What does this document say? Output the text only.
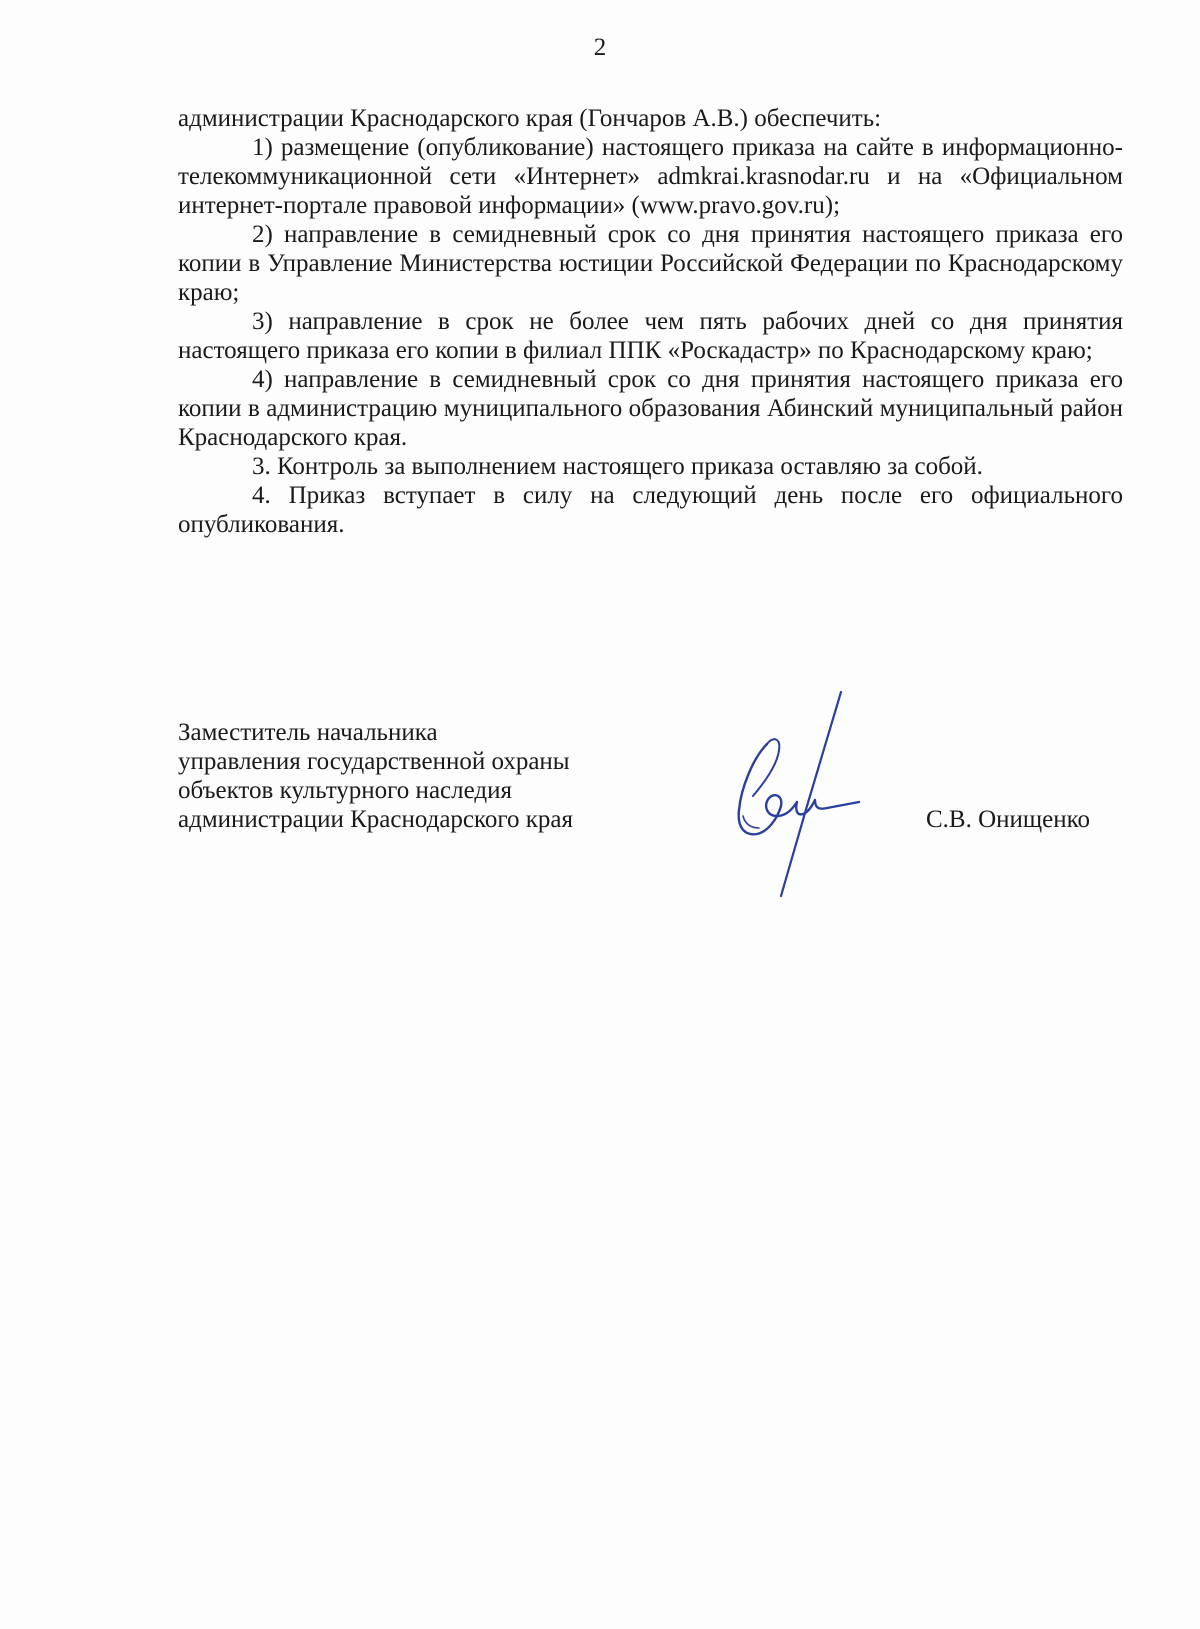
2

администрации Краснодарского края (Гончаров А.В.) обеспечить:

1) размещение (опубликование) настоящего приказа на сайте в информационно-телекоммуникационной сети «Интернет» admkrai.krasnodar.ru и на «Официальном интернет-портале правовой информации» (www.pravo.gov.ru);

2) направление в семидневный срок со дня принятия настоящего приказа его копии в Управление Министерства юстиции Российской Федерации по Краснодарскому краю;

3) направление в срок не более чем пять рабочих дней со дня принятия настоящего приказа его копии в филиал ППК «Роскадастр» по Краснодарскому краю;

4) направление в семидневный срок со дня принятия настоящего приказа его копии в администрацию муниципального образования Абинский муниципальный район Краснодарского края.

3. Контроль за выполнением настоящего приказа оставляю за собой.

4. Приказ вступает в силу на следующий день после его официального опубликования.

Заместитель начальника
управления государственной охраны
объектов культурного наследия
администрации Краснодарского края	С.В. Онищенко
